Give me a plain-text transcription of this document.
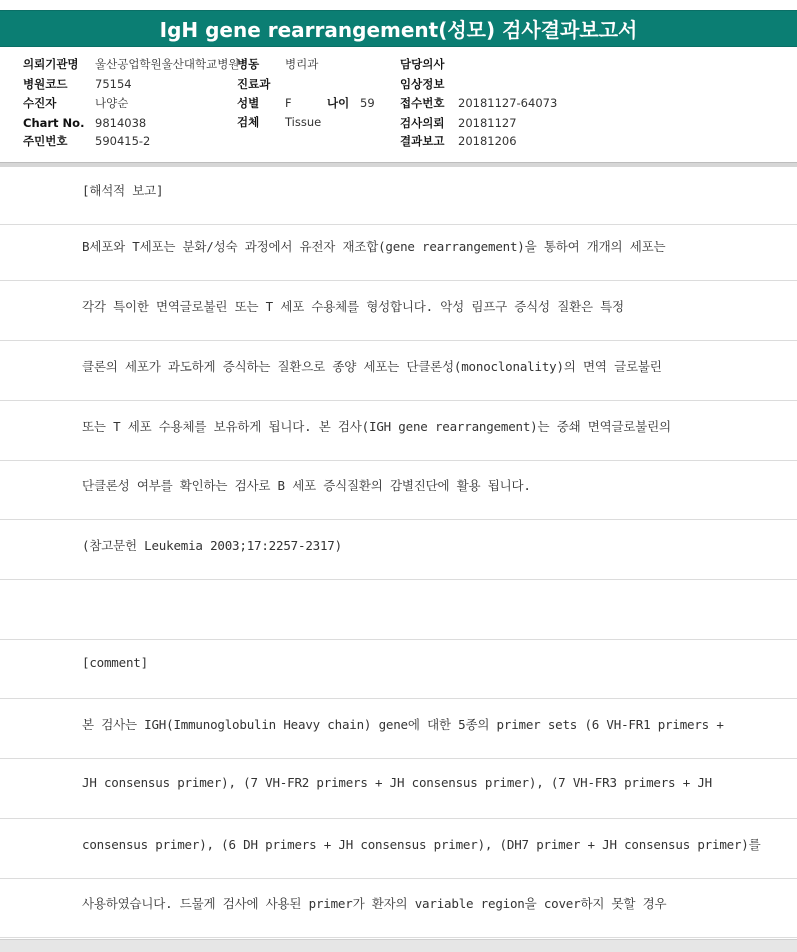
IgH gene rearrangement(성모) 검사결과보고서
의뢰기관명 울산공업학원울산대학교병원
병원코드 75154
수진자	나양순
Chart No. 9814038
주민번호 590415-2
병동 병리과
진료과
성별 F	나이 59
검체 Tissue
담당의사
임상정보
접수번호 20181127-64073
검사의뢰 20181127
결과보고 20181206
[해석적 보고]
B세포와 T세포는 분화/성숙 과정에서 유전자 재조합(gene rearrangement)을 통하여 개개의 세포는
각각 특이한 면역글로불린 또는 T 세포 수용체를 형성합니다. 악성 림프구 증식성 질환은 특정
클론의 세포가 과도하게 증식하는 질환으로 종양 세포는 단클론성(monoclonality)의 면역 글로불린
또는 T 세포 수용체를 보유하게 됩니다. 본 검사(IGH gene rearrangement)는 중쇄 면역글로불린의
단클론성 여부를 확인하는 검사로 B 세포 증식질환의 감별진단에 활용 됩니다.
(참고문헌 Leukemia 2003;17:2257-2317)
[comment]
본 검사는 IGH(Immunoglobulin Heavy chain) gene에 대한 5종의 primer sets (6 VH-FR1 primers +
JH consensus primer), (7 VH-FR2 primers + JH consensus primer), (7 VH-FR3 primers + JH
consensus primer), (6 DH primers + JH consensus primer), (DH7 primer + JH consensus primer)를
사용하였습니다. 드물게 검사에 사용된 primer가 환자의 variable region을 cover하지 못할 경우
